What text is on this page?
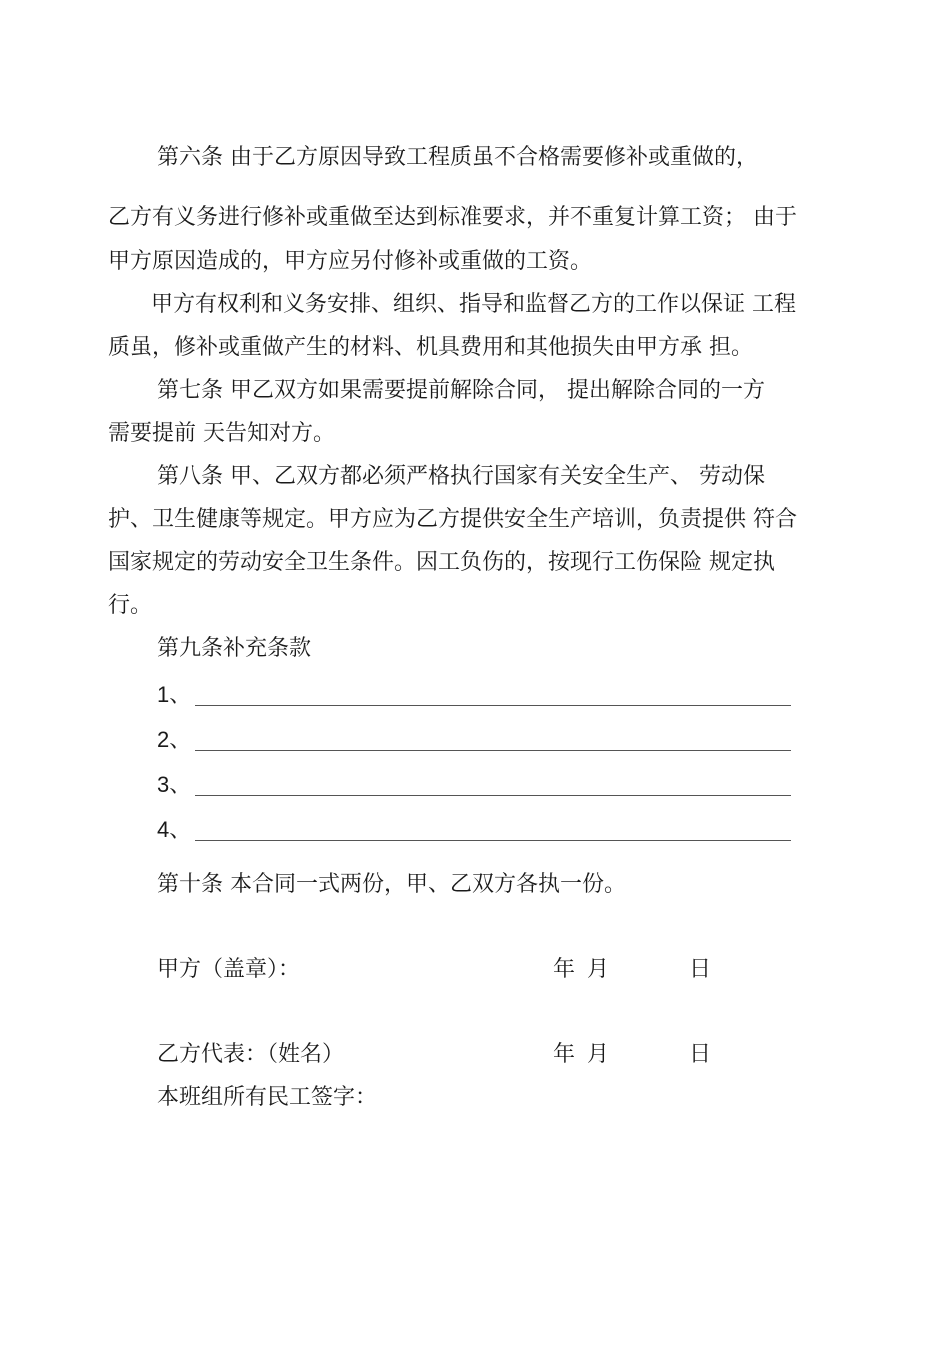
第六条 由于乙方原因导致工程质虽不合格需要修补或重做的，
乙方有义务进行修补或重做至达到标准要求，并不重复计算工资； 由于
甲方原因造成的，甲方应另付修补或重做的工资。
甲方有权利和义务安排、组织、指导和监督乙方的工作以保证 工程
质虽，修补或重做产生的材料、机具费用和其他损失由甲方承 担。
第七条 甲乙双方如果需要提前解除合同， 提出解除合同的一方
需要提前 天告知对方。
第八条 甲、乙双方都必须严格执行国家有关安全生产、 劳动保
护、卫生健康等规定。甲方应为乙方提供安全生产培训，负责提供 符合
国家规定的劳动安全卫生条件。因工负伤的，按现行工伤保险 规定执
行。
第九条补充条款
1、
2、
3、
4、
第十条 本合同一式两份，甲、乙双方各执一份。
甲方（盖章）：	年 月	日
乙方代表：（姓名）	年 月	日
本班组所有民工签字：
